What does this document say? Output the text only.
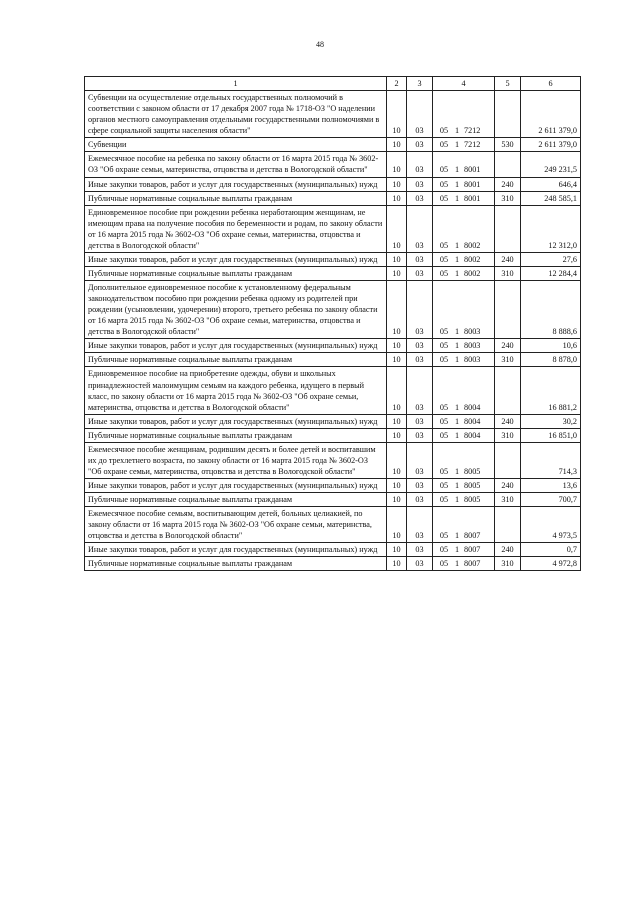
48
1	2	3	4	5	6
Субвенции на осуществление отдельных государственных полномочий в соответствии с законом области от 17 декабря 2007 года № 1718-ОЗ "О наделении органов местного самоуправления отдельными государственными полномочиями в сфере социальной защиты населения области"	10	03	05 1 7212		2 611 379,0
Субвенции	10	03	05 1 7212	530	2 611 379,0
Ежемесячное пособие на ребенка по закону области от 16 марта 2015 года № 3602-ОЗ "Об охране семьи, материнства, отцовства и детства в Вологодской области"	10	03	05 1 8001		249 231,5
Иные закупки товаров, работ и услуг для государственных (муниципальных) нужд	10	03	05 1 8001	240	646,4
Публичные нормативные социальные выплаты гражданам	10	03	05 1 8001	310	248 585,1
Единовременное пособие при рождении ребенка неработающим женщинам, не имеющим права на получение пособия по беременности и родам, по закону области от 16 марта 2015 года № 3602-ОЗ "Об охране семьи, материнства, отцовства и детства в Вологодской области"	10	03	05 1 8002		12 312,0
Иные закупки товаров, работ и услуг для государственных (муниципальных) нужд	10	03	05 1 8002	240	27,6
Публичные нормативные социальные выплаты гражданам	10	03	05 1 8002	310	12 284,4
Дополнительное единовременное пособие к установленному федеральным законодательством пособию при рождении ребенка одному из родителей при рождении (усыновлении, удочерении) второго, третьего ребенка по закону области от 16 марта 2015 года № 3602-ОЗ "Об охране семьи, материнства, отцовства и детства в Вологодской области"	10	03	05 1 8003		8 888,6
Иные закупки товаров, работ и услуг для государственных (муниципальных) нужд	10	03	05 1 8003	240	10,6
Публичные нормативные социальные выплаты гражданам	10	03	05 1 8003	310	8 878,0
Единовременное пособие на приобретение одежды, обуви и школьных принадлежностей малоимущим семьям на каждого ребенка, идущего в первый класс, по закону области от 16 марта 2015 года № 3602-ОЗ "Об охране семьи, материнства, отцовства и детства в Вологодской области"	10	03	05 1 8004		16 881,2
Иные закупки товаров, работ и услуг для государственных (муниципальных) нужд	10	03	05 1 8004	240	30,2
Публичные нормативные социальные выплаты гражданам	10	03	05 1 8004	310	16 851,0
Ежемесячное пособие женщинам, родившим десять и более детей и воспитавшим их до трехлетнего возраста, по закону области от 16 марта 2015 года № 3602-ОЗ "Об охране семьи, материнства, отцовства и детства в Вологодской области"	10	03	05 1 8005		714,3
Иные закупки товаров, работ и услуг для государственных (муниципальных) нужд	10	03	05 1 8005	240	13,6
Публичные нормативные социальные выплаты гражданам	10	03	05 1 8005	310	700,7
Ежемесячное пособие семьям, воспитывающим детей, больных целиакией, по закону области от 16 марта 2015 года № 3602-ОЗ "Об охране семьи, материнства, отцовства и детства в Вологодской области"	10	03	05 1 8007		4 973,5
Иные закупки товаров, работ и услуг для государственных (муниципальных) нужд	10	03	05 1 8007	240	0,7
Публичные нормативные социальные выплаты гражданам	10	03	05 1 8007	310	4 972,8
